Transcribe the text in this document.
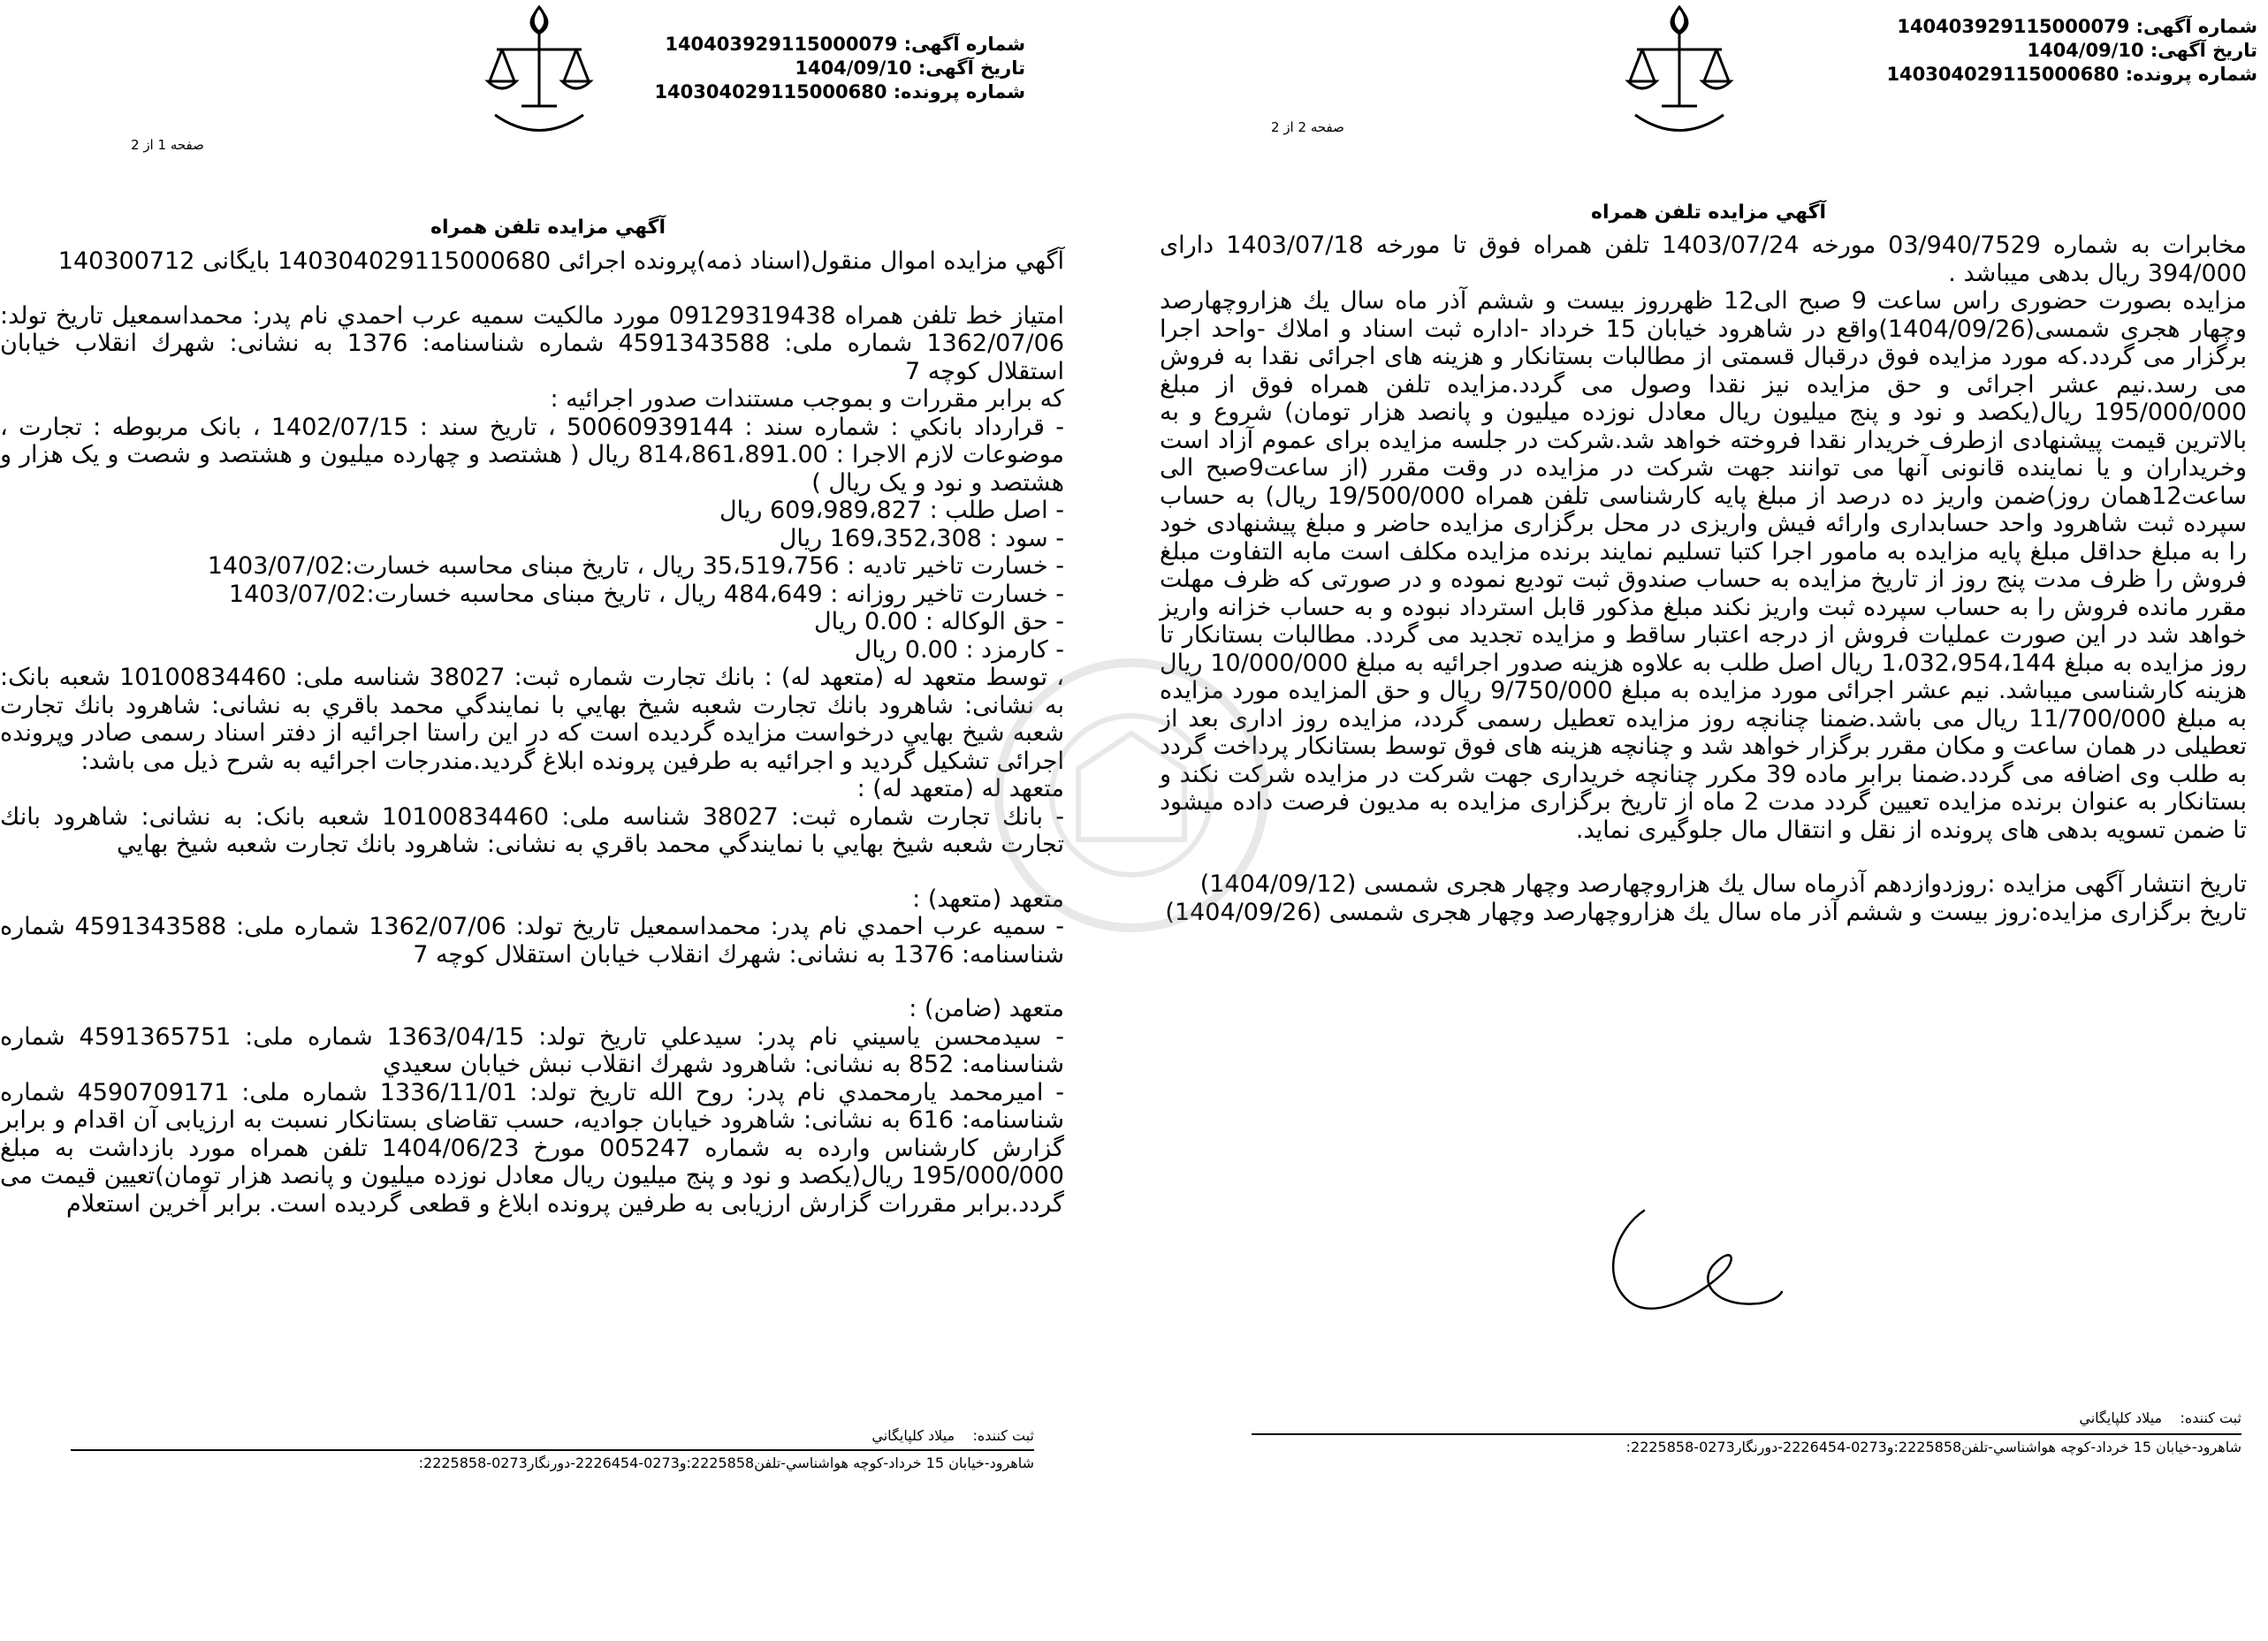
شماره آگهی: 140403929115000079
تاریخ آگهی: 1404/09/10
شماره پرونده: 140304029115000680
صفحه 1 از 2
آگهي مزايده تلفن همراه

آگهي مزايده اموال منقول(اسناد ذمه)پرونده اجرائی 140304029115000680 بایگانی 140300712

امتياز خط تلفن همراه 09129319438 مورد مالكيت سميه عرب احمدي نام پدر: محمداسمعيل تاريخ تولد: 1362/07/06 شماره ملی: 4591343588 شماره شناسنامه: 1376 به نشانی: شهرك انقلاب خيابان استقلال كوچه 7

كه برابر مقررات و بموجب مستندات صدور اجرائيه :

- قرارداد بانکي : شماره سند : 50060939144 ، تاريخ سند : 1402/07/15 ، بانک مربوطه : تجارت ، موضوعات لازم الاجرا : 814،861،891.00 ريال ( هشتصد و چهارده ميليون و هشتصد و شصت و يک هزار و هشتصد و نود و يک ريال )

- اصل طلب : 609،989،827 ريال

- سود : 169،352،308 ريال

- خسارت تاخير تاديه : 35،519،756 ريال ، تاريخ مبنای محاسبه خسارت:1403/07/02

- خسارت تاخير روزانه : 484،649 ريال ، تاريخ مبنای محاسبه خسارت:1403/07/02

- حق الوکاله : 0.00 ريال

- کارمزد : 0.00 ريال

، توسط متعهد له (متعهد له) : بانك تجارت شماره ثبت: 38027 شناسه ملی: 10100834460 شعبه بانک: به نشانی: شاهرود بانك تجارت شعبه شيخ بهايي با نمايندگي محمد باقري به نشانی: شاهرود بانك تجارت شعبه شيخ بهايي درخواست مزايده گرديده است كه در اين راستا اجرائيه از دفتر اسناد رسمی صادر وپرونده اجرائی تشكيل گرديد و اجرائيه به طرفين پرونده ابلاغ گرديد.مندرجات اجرائيه به شرح ذيل می باشد:

متعهد له (متعهد له) :

- بانك تجارت شماره ثبت: 38027 شناسه ملی: 10100834460 شعبه بانک: به نشانی: شاهرود بانك تجارت شعبه شيخ بهايي با نمايندگي محمد باقري به نشانی: شاهرود بانك تجارت شعبه شيخ بهايي

متعهد (متعهد) :

- سميه عرب احمدي نام پدر: محمداسمعيل تاريخ تولد: 1362/07/06 شماره ملی: 4591343588 شماره شناسنامه: 1376 به نشانی: شهرك انقلاب خيابان استقلال كوچه 7

متعهد (ضامن) :

- سيدمحسن ياسيني نام پدر: سيدعلي تاريخ تولد: 1363/04/15 شماره ملی: 4591365751 شماره شناسنامه: 852 به نشانی: شاهرود شهرك انقلاب نبش خيابان سعيدي

- اميرمحمد يارمحمدي نام پدر: روح الله تاريخ تولد: 1336/11/01 شماره ملی: 4590709171 شماره شناسنامه: 616 به نشانی: شاهرود خيابان جواديه، حسب تقاضای بستانكار نسبت به ارزيابی آن اقدام و برابر گزارش كارشناس وارده به شماره 005247 مورخ 1404/06/23 تلفن همراه مورد بازداشت به مبلغ 195/000/000 ريال(يكصد و نود و پنج ميليون ريال معادل نوزده ميليون و پانصد هزار تومان)تعيين قيمت می گردد.برابر مقررات گزارش ارزيابی به طرفين پرونده ابلاغ و قطعی گرديده است. برابر آخرين استعلام

ثبت كننده:    ميلاد كلپايگاني
شاهرود-خيابان 15 خرداد-كوچه هواشناسي-تلفن2225858:و0273-2226454-دورنگار0273-2225858:
شماره آگهی: 140403929115000079
تاریخ آگهی: 1404/09/10
شماره پرونده: 140304029115000680
صفحه 2 از 2
آگهي مزايده تلفن همراه

مخابرات به شماره 03/940/7529 مورخه 1403/07/24 تلفن همراه فوق تا مورخه 1403/07/18 دارای 394/000 ريال بدهی ميباشد .

مزايده بصورت حضوری راس ساعت 9 صبح الی12 ظهرروز بيست و ششم آذر ماه سال يك هزاروچهارصد وچهار هجری شمسی(1404/09/26)واقع در شاهرود خيابان 15 خرداد -اداره ثبت اسناد و املاك -واحد اجرا برگزار می گردد.كه مورد مزايده فوق درقبال قسمتی از مطالبات بستانكار و هزينه های اجرائی نقدا به فروش می رسد.نيم عشر اجرائی و حق مزايده نيز نقدا وصول می گردد.مزايده تلفن همراه فوق از مبلغ 195/000/000 ريال(يكصد و نود و پنج ميليون ريال معادل نوزده ميليون و پانصد هزار تومان) شروع و به بالاترين قيمت پيشنهادی ازطرف خريدار نقدا فروخته خواهد شد.شركت در جلسه مزايده برای عموم آزاد است وخريداران و يا نماينده قانونی آنها می توانند جهت شركت در مزايده در وقت مقرر (از ساعت9صبح الی ساعت12همان روز)ضمن واريز ده درصد از مبلغ پايه كارشناسی تلفن همراه 19/500/000 ريال) به حساب سپرده ثبت شاهرود واحد حسابداری وارائه فيش واريزی در محل برگزاری مزايده حاضر و مبلغ پيشنهادی خود را به مبلغ حداقل مبلغ پايه مزايده به مامور اجرا كتبا تسليم نمايند برنده مزايده مكلف است مابه التفاوت مبلغ فروش را ظرف مدت پنج روز از تاريخ مزايده به حساب صندوق ثبت توديع نموده و در صورتی كه ظرف مهلت مقرر مانده فروش را به حساب سپرده ثبت واريز نكند مبلغ مذكور قابل استرداد نبوده و به حساب خزانه واريز خواهد شد در اين صورت عمليات فروش از درجه اعتبار ساقط و مزايده تجديد می گردد. مطالبات بستانكار تا روز مزايده به مبلغ 1،032،954،144 ريال اصل طلب به علاوه هزينه صدور اجرائيه به مبلغ 10/000/000 ريال هزينه كارشناسی ميباشد. نيم عشر اجرائی مورد مزايده به مبلغ 9/750/000 ريال و حق المزايده مورد مزايده به مبلغ 11/700/000 ريال می باشد.ضمنا چنانچه روز مزايده تعطيل رسمی گردد، مزايده روز اداری بعد از تعطيلی در همان ساعت و مكان مقرر برگزار خواهد شد و چنانچه هزينه های فوق توسط بستانكار پرداخت گردد به طلب وی اضافه می گردد.ضمنا برابر ماده 39 مكرر چنانچه خريداری جهت شركت در مزايده شركت نكند و بستانكار به عنوان برنده مزايده تعيين گردد مدت 2 ماه از تاريخ برگزاری مزايده به مديون فرصت داده ميشود تا ضمن تسويه بدهی های پرونده از نقل و انتقال مال جلوگيری نمايد.

تاريخ انتشار آگهی مزايده :روزدوازدهم آذرماه سال يك هزاروچهارصد وچهار هجری شمسی (1404/09/12)

تاريخ برگزاری مزايده:روز بيست و ششم آذر ماه سال يك هزاروچهارصد وچهار هجری شمسی (1404/09/26)

ثبت كننده:    ميلاد كلپايگاني
شاهرود-خيابان 15 خرداد-كوچه هواشناسي-تلفن2225858:و0273-2226454-دورنگار0273-2225858:
